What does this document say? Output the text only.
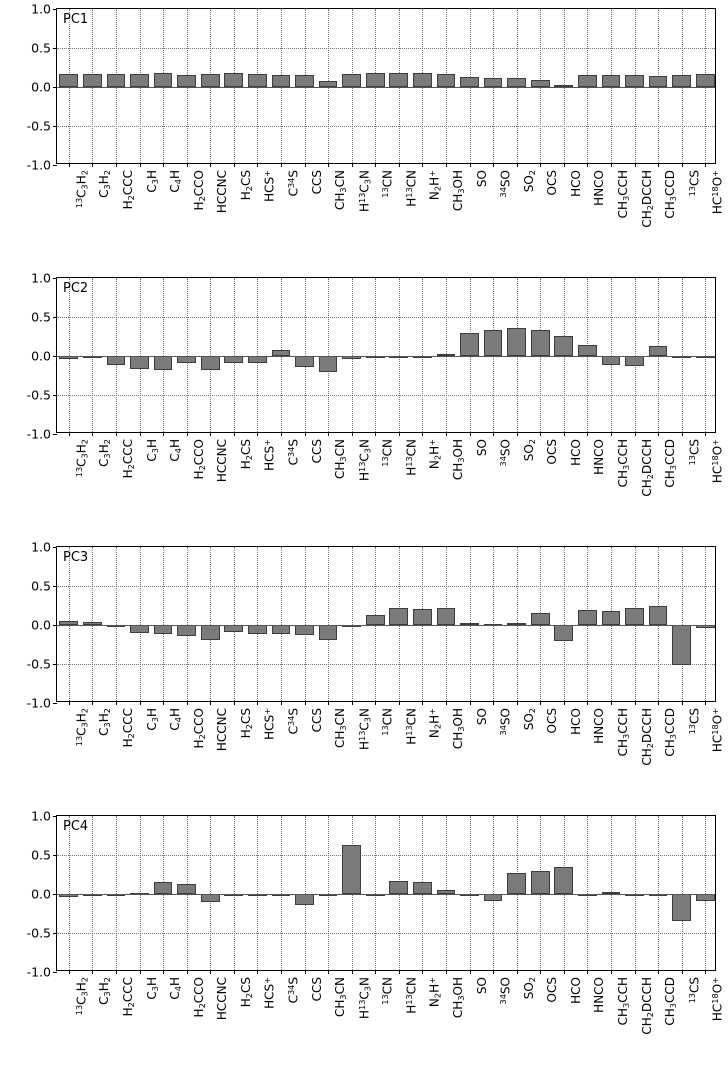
-1.0
-0.5
0.0
0.5
1.0
$^{13}C_3H_2$
$C_3H_2$
$H_2CCC$ $C_3H$
$C_4H$
$H_2CCO$ HCCNC $H_2CS$ HCS+
$C^{34}S$ CCS
$CH_3CN$
$H^{13}C_3N$
$^{13}$CN
$H^{13}CN$
$N_2H^+$
$CH_3OH$ SO
$^{34}$SO $SO_2$ OCS HCO HNCO
$CH_3CCH$
$CH_2DCCH$
$CH_3CCD$ $^{13}$CS
HC$^{18}$O+
PC1
-1.0
-0.5
0.0
0.5
1.0
$^{13}C_3H_2$
$C_3H_2$
$H_2CCC$ $C_3H$
$C_4H$
$H_2CCO$ HCCNC $H_2CS$ HCS+
$C^{34}S$ CCS
$CH_3CN$
$H^{13}C_3N$
$^{13}$CN
$H^{13}CN$
$N_2H^+$
$CH_3OH$ SO
$^{34}$SO $SO_2$ OCS HCO HNCO
$CH_3CCH$
$CH_2DCCH$
$CH_3CCD$ $^{13}$CS
HC$^{18}$O+
PC2
-1.0
-0.5
0.0
0.5
1.0
$^{13}C_3H_2$
$C_3H_2$
$H_2CCC$ $C_3H$
$C_4H$
$H_2CCO$ HCCNC $H_2CS$ HCS+
$C^{34}S$ CCS
$CH_3CN$
$H^{13}C_3N$
$^{13}$CN
$H^{13}CN$
$N_2H^+$
$CH_3OH$ SO
$^{34}$SO $SO_2$ OCS HCO HNCO
$CH_3CCH$
$CH_2DCCH$
$CH_3CCD$ $^{13}$CS
HC$^{18}$O+
PC3
-1.0
-0.5
0.0
0.5
1.0
$^{13}C_3H_2$
$C_3H_2$
$H_2CCC$ $C_3H$
$C_4H$
$H_2CCO$ HCCNC $H_2CS$ HCS+
$C^{34}S$ CCS
$CH_3CN$
$H^{13}C_3N$
$^{13}$CN
$H^{13}CN$
$N_2H^+$
$CH_3OH$ SO
$^{34}$SO $SO_2$ OCS HCO HNCO
$CH_3CCH$
$CH_2DCCH$
$CH_3CCD$ $^{13}$CS
HC$^{18}$O+
PC4
